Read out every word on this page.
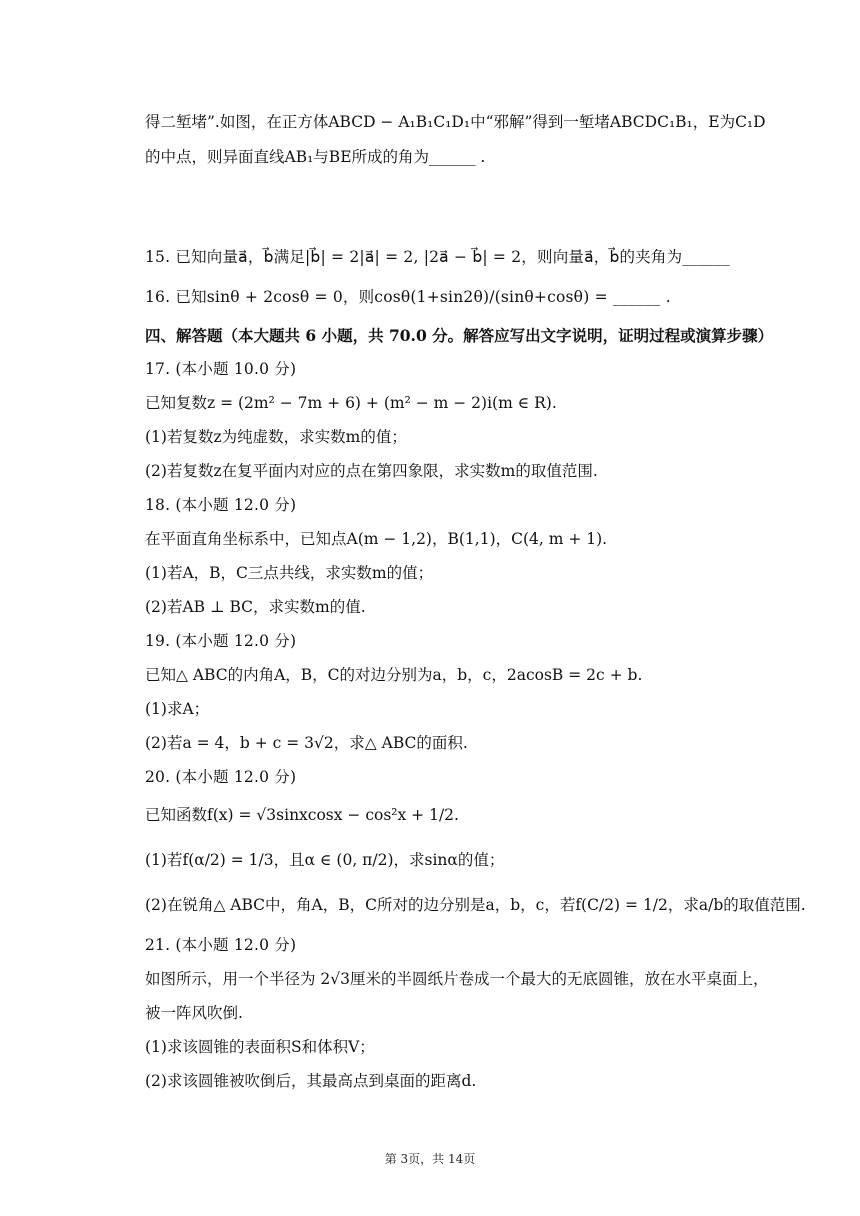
得二堑堵”.如图，在正方体ABCD − A₁B₁C₁D₁中“邪解”得到一堑堵ABCDC₁B₁，E为C₁D
的中点，则异面直线AB₁与BE所成的角为______ .
15. 已知向量a⃗，b⃗满足|b⃗| = 2|a⃗| = 2, |2a⃗ − b⃗| = 2，则向量a⃗，b⃗的夹角为______
16. 已知sinθ + 2cosθ = 0，则cosθ(1+sin2θ)/(sinθ+cosθ) = ______ .
四、解答题（本大题共 6 小题，共 70.0 分。解答应写出文字说明，证明过程或演算步骤）
17. (本小题 10.0 分)
已知复数z = (2m² − 7m + 6) + (m² − m − 2)i(m ∈ R).
(1)若复数z为纯虚数，求实数m的值；
(2)若复数z在复平面内对应的点在第四象限，求实数m的取值范围.
18. (本小题 12.0 分)
在平面直角坐标系中，已知点A(m − 1,2)，B(1,1)，C(4, m + 1).
(1)若A，B，C三点共线，求实数m的值；
(2)若AB ⊥ BC，求实数m的值.
19. (本小题 12.0 分)
已知△ ABC的内角A，B，C的对边分别为a，b，c，2acosB = 2c + b.
(1)求A；
(2)若a = 4，b + c = 3√2，求△ ABC的面积.
20. (本小题 12.0 分)
已知函数f(x) = √3sinxcosx − cos²x + 1/2.
(1)若f(α/2) = 1/3，且α ∈ (0, π/2)，求sinα的值；
(2)在锐角△ ABC中，角A，B，C所对的边分别是a，b，c，若f(C/2) = 1/2，求a/b的取值范围.
21. (本小题 12.0 分)
如图所示，用一个半径为 2√3厘米的半圆纸片卷成一个最大的无底圆锥，放在水平桌面上，
被一阵风吹倒.
(1)求该圆锥的表面积S和体积V；
(2)求该圆锥被吹倒后，其最高点到桌面的距离d.
第 3页，共 14页
